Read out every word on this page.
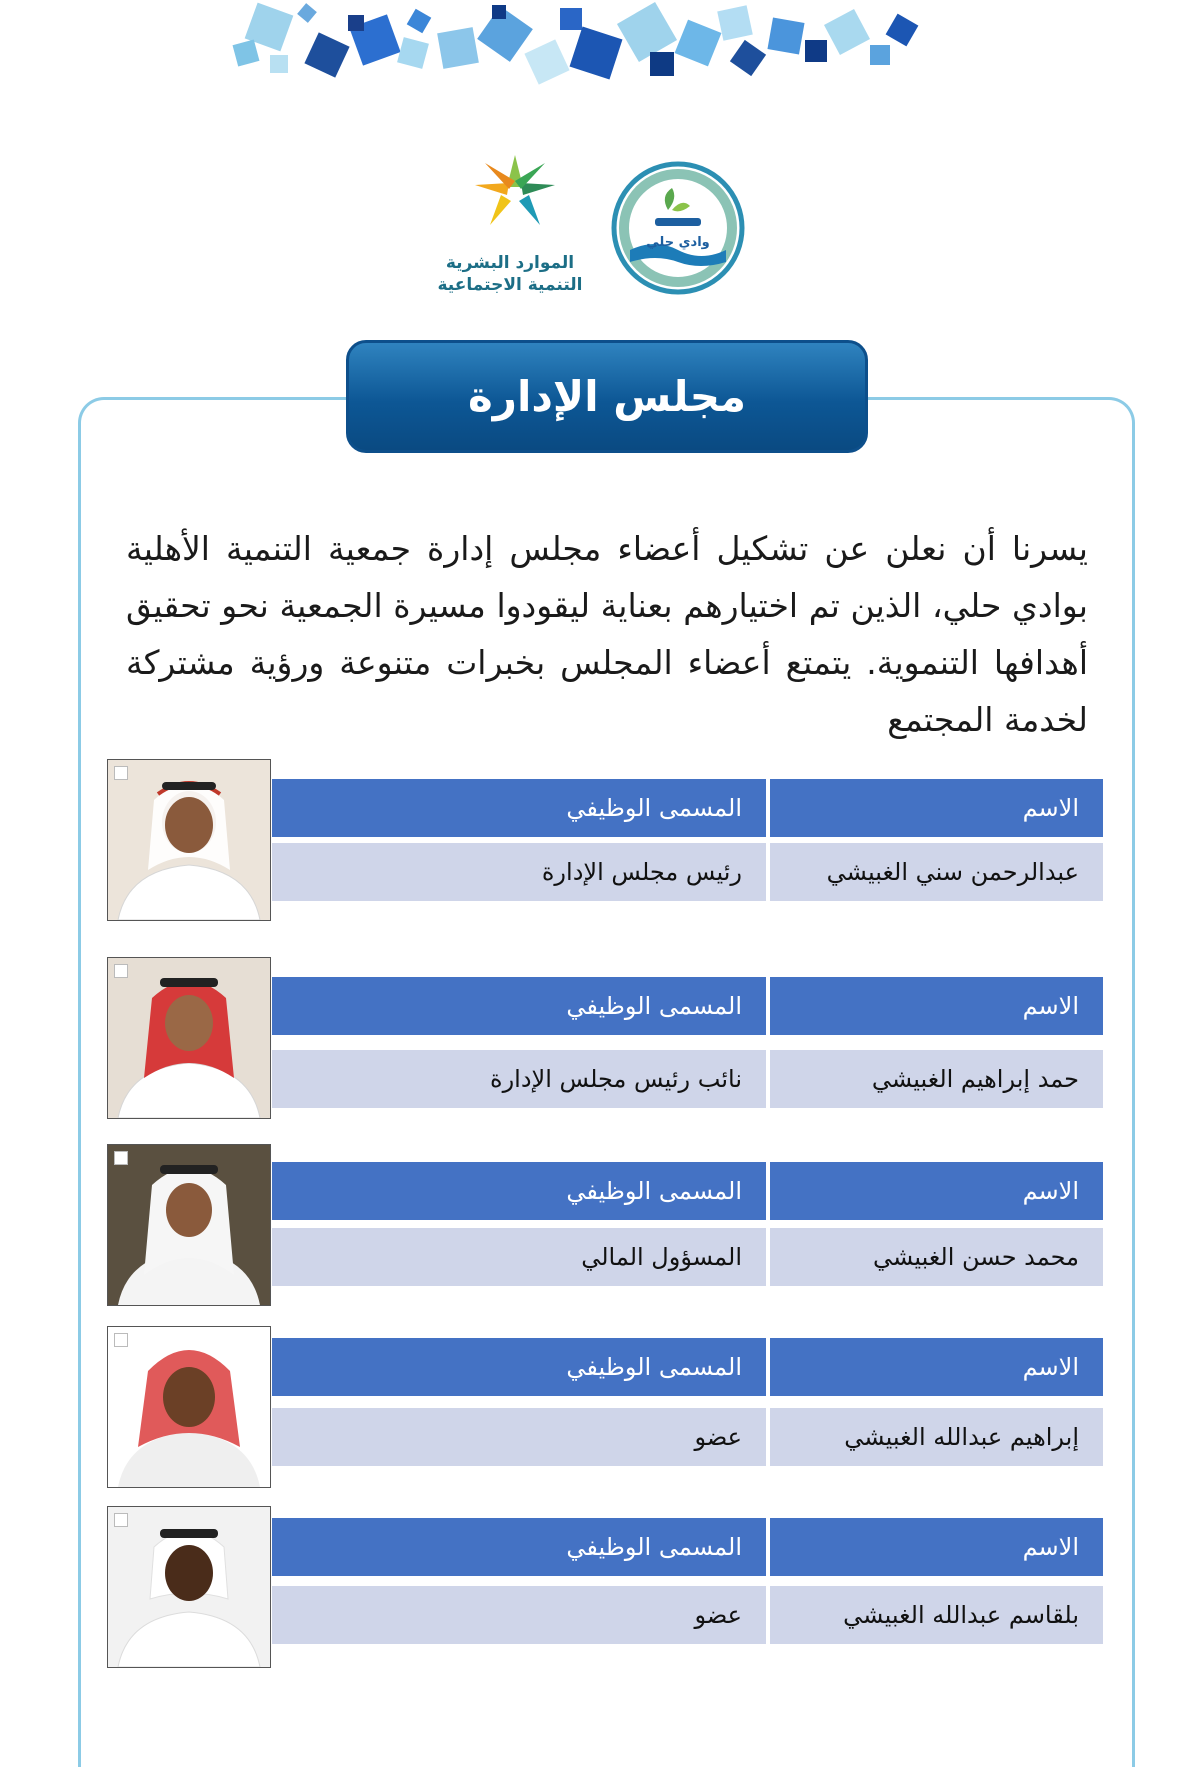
الموارد البشرية
التنمية الاجتماعية
وادي حلي
مجلس الإدارة

يسرنا أن نعلن عن تشكيل أعضاء مجلس إدارة جمعية التنمية الأهلية بوادي حلي، الذين تم اختيارهم بعناية ليقودوا مسيرة الجمعية نحو تحقيق أهدافها التنموية. يتمتع أعضاء المجلس بخبرات متنوعة ورؤية مشتركة لخدمة المجتمع

الاسم
المسمى الوظيفي
عبدالرحمن سني الغبيشي
رئيس مجلس الإدارة
الاسم
المسمى الوظيفي
حمد إبراهيم الغبيشي
نائب رئيس مجلس الإدارة
الاسم
المسمى الوظيفي
محمد حسن الغبيشي
المسؤول المالي
الاسم
المسمى الوظيفي
إبراهيم عبدالله الغبيشي
عضو
الاسم
المسمى الوظيفي
بلقاسم عبدالله الغبيشي
عضو
